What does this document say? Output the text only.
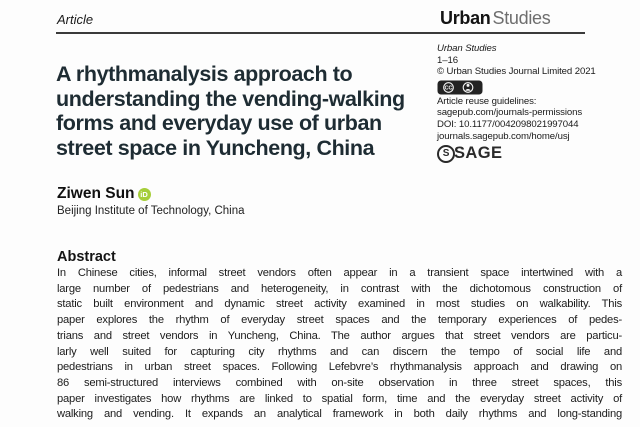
Article	Urban Studies
A rhythmanalysis approach to
understanding the vending-walking
forms and everyday use of urban
street space in Yuncheng, China
Ziwen Sun iD
Beijing Institute of Technology, China
Urban Studies
1–16
© Urban Studies Journal Limited 2021
CC
Article reuse guidelines:
sagepub.com/journals-permissions
DOI: 10.1177/0042098021997044
journals.sagepub.com/home/usj
S SAGE
Abstract
In Chinese cities, informal street vendors often appear in a transient space intertwined with a
large number of pedestrians and heterogeneity, in contrast with the dichotomous construction of
static built environment and dynamic street activity examined in most studies on walkability. This
paper explores the rhythm of everyday street spaces and the temporary experiences of pedes-
trians and street vendors in Yuncheng, China. The author argues that street vendors are particu-
larly well suited for capturing city rhythms and can discern the tempo of social life and
pedestrians in urban street spaces. Following Lefebvre’s rhythmanalysis approach and drawing on
86 semi-structured interviews combined with on-site observation in three street spaces, this
paper investigates how rhythms are linked to spatial form, time and the everyday street activity of
walking and vending. It expands an analytical framework in both daily rhythms and long-standing
